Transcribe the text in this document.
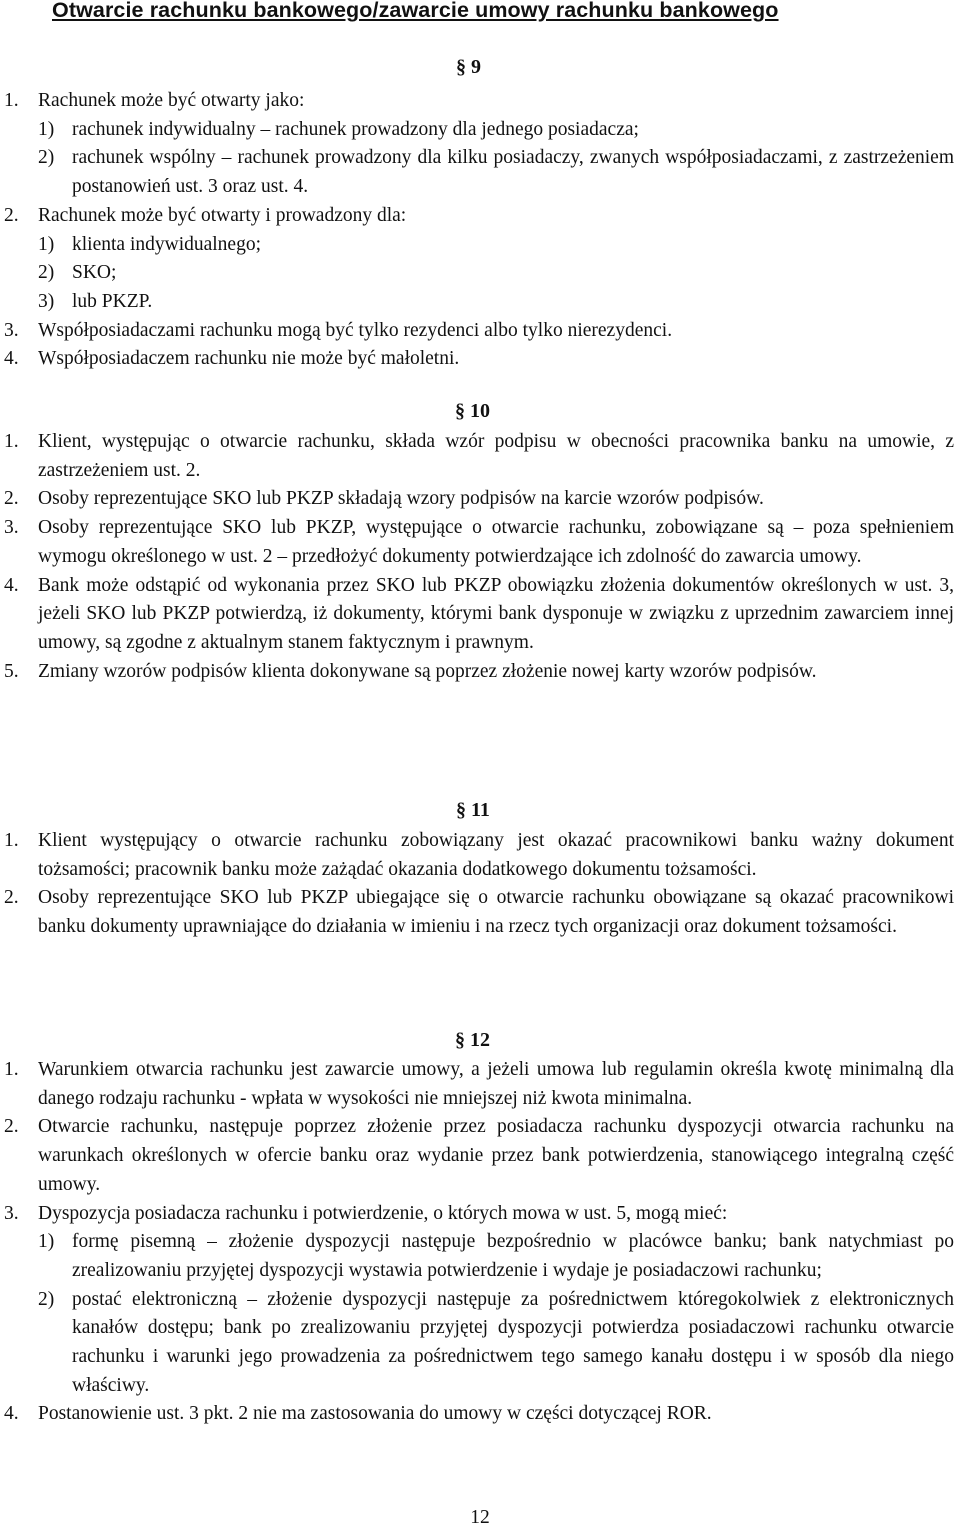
Otwarcie rachunku bankowego/zawarcie umowy rachunku bankowego
§ 9
1. Rachunek może być otwarty jako:
1) rachunek indywidualny – rachunek prowadzony dla jednego posiadacza;
2) rachunek wspólny – rachunek prowadzony dla kilku posiadaczy, zwanych współposiadaczami, z zastrzeżeniem postanowień ust. 3 oraz ust. 4.
2. Rachunek może być otwarty i prowadzony dla:
1) klienta indywidualnego;
2) SKO;
3) lub PKZP.
3. Współposiadaczami rachunku mogą być tylko rezydenci albo tylko nierezydenci.
4. Współposiadaczem rachunku nie może być małoletni.
§ 10
1. Klient, występując o otwarcie rachunku, składa wzór podpisu w obecności pracownika banku na umowie, z zastrzeżeniem ust. 2.
2. Osoby reprezentujące SKO lub PKZP składają wzory podpisów na karcie wzorów podpisów.
3. Osoby reprezentujące SKO lub PKZP, występujące o otwarcie rachunku, zobowiązane są – poza spełnieniem wymogu określonego w ust. 2 – przedłożyć dokumenty potwierdzające ich zdolność do zawarcia umowy.
4. Bank może odstąpić od wykonania przez SKO lub PKZP obowiązku złożenia dokumentów określonych w ust. 3, jeżeli SKO lub PKZP potwierdzą, iż dokumenty, którymi bank dysponuje w związku z uprzednim zawarciem innej umowy, są zgodne z aktualnym stanem faktycznym i prawnym.
5. Zmiany wzorów podpisów klienta dokonywane są poprzez złożenie nowej karty wzorów podpisów.
§ 11
1. Klient występujący o otwarcie rachunku zobowiązany jest okazać pracownikowi banku ważny dokument tożsamości; pracownik banku może zażądać okazania dodatkowego dokumentu tożsamości.
2. Osoby reprezentujące SKO lub PKZP ubiegające się o otwarcie rachunku obowiązane są okazać pracownikowi banku dokumenty uprawniające do działania w imieniu i na rzecz tych organizacji oraz dokument tożsamości.
§ 12
1. Warunkiem otwarcia rachunku jest zawarcie umowy, a jeżeli umowa lub regulamin określa kwotę minimalną dla danego rodzaju rachunku - wpłata w wysokości nie mniejszej niż kwota minimalna.
2. Otwarcie rachunku, następuje poprzez złożenie przez posiadacza rachunku dyspozycji otwarcia rachunku na warunkach określonych w ofercie banku oraz wydanie przez bank potwierdzenia, stanowiącego integralną część umowy.
3. Dyspozycja posiadacza rachunku i potwierdzenie, o których mowa w ust. 5, mogą mieć:
1) formę pisemną – złożenie dyspozycji następuje bezpośrednio w placówce banku; bank natychmiast po zrealizowaniu przyjętej dyspozycji wystawia potwierdzenie i wydaje je posiadaczowi rachunku;
2) postać elektroniczną – złożenie dyspozycji następuje za pośrednictwem któregokolwiek z elektronicznych kanałów dostępu; bank po zrealizowaniu przyjętej dyspozycji potwierdza posiadaczowi rachunku otwarcie rachunku i warunki jego prowadzenia za pośrednictwem tego samego kanału dostępu i w sposób dla niego właściwy.
4. Postanowienie ust. 3 pkt. 2 nie ma zastosowania do umowy w części dotyczącej ROR.
12
